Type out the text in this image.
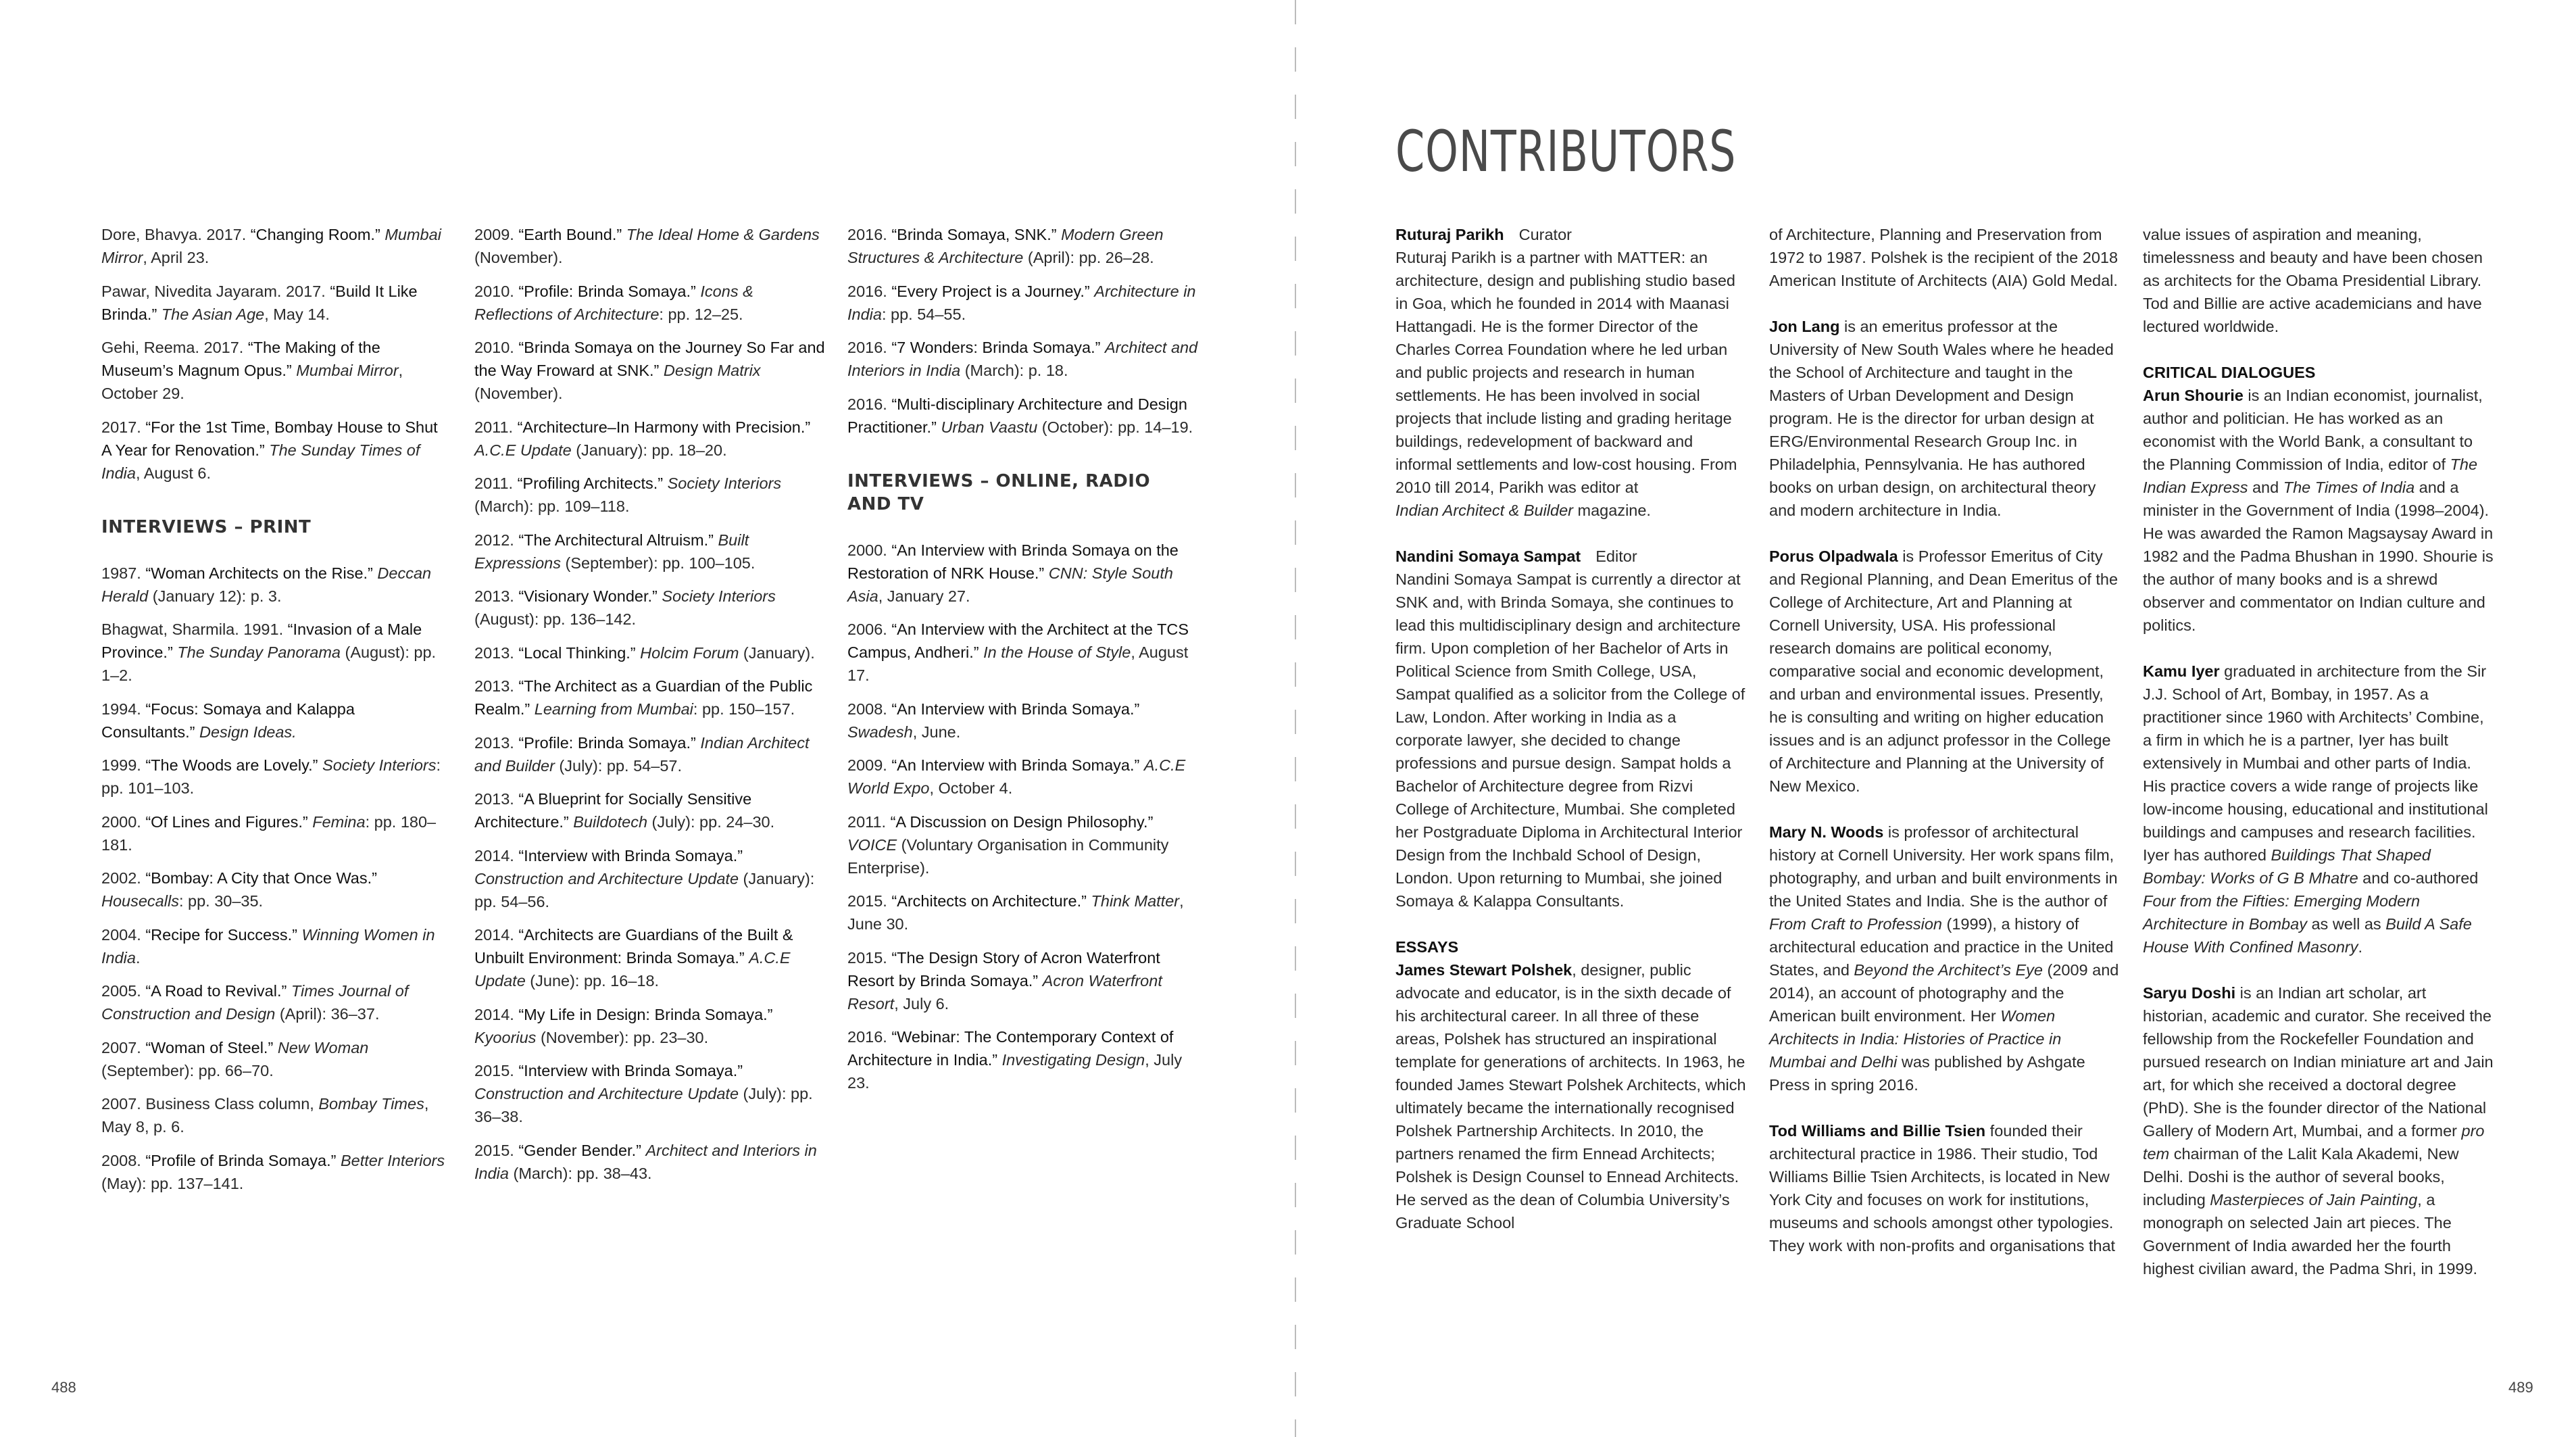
Dore, Bhavya. 2017. “Changing Room.” Mumbai Mirror, April 23.
Pawar, Nivedita Jayaram. 2017. “Build It Like Brinda.” The Asian Age, May 14.
Gehi, Reema. 2017. “The Making of the Museum’s Magnum Opus.” Mumbai Mirror, October 29.
2017. “For the 1st Time, Bombay House to Shut A Year for Renovation.” The Sunday Times of India, August 6.
INTERVIEWS – PRINT
1987. “Woman Architects on the Rise.” Deccan Herald (January 12): p. 3.
Bhagwat, Sharmila. 1991. “Invasion of a Male Province.” The Sunday Panorama (August): pp. 1–2.
1994. “Focus: Somaya and Kalappa Consultants.” Design Ideas.
1999. “The Woods are Lovely.” Society Interiors: pp. 101–103.
2000. “Of Lines and Figures.” Femina: pp. 180–181.
2002. “Bombay: A City that Once Was.” Housecalls: pp. 30–35.
2004. “Recipe for Success.” Winning Women in India.
2005. “A Road to Revival.” Times Journal of Construction and Design (April): 36–37.
2007. “Woman of Steel.” New Woman (September): pp. 66–70.
2007. Business Class column, Bombay Times, May 8, p. 6.
2008. “Profile of Brinda Somaya.” Better Interiors (May): pp. 137–141.
2009. “Earth Bound.” The Ideal Home & Gardens (November).
2010. “Profile: Brinda Somaya.” Icons & Reflections of Architecture: pp. 12–25.
2010. “Brinda Somaya on the Journey So Far and the Way Froward at SNK.” Design Matrix (November).
2011. “Architecture–In Harmony with Precision.” A.C.E Update (January): pp. 18–20.
2011. “Profiling Architects.” Society Interiors (March): pp. 109–118.
2012. “The Architectural Altruism.” Built Expressions (September): pp. 100–105.
2013. “Visionary Wonder.” Society Interiors (August): pp. 136–142.
2013. “Local Thinking.” Holcim Forum (January).
2013. “The Architect as a Guardian of the Public Realm.” Learning from Mumbai: pp. 150–157.
2013. “Profile: Brinda Somaya.” Indian Architect and Builder (July): pp. 54–57.
2013. “A Blueprint for Socially Sensitive Architecture.” Buildotech (July): pp. 24–30.
2014. “Interview with Brinda Somaya.” Construction and Architecture Update (January): pp. 54–56.
2014. “Architects are Guardians of the Built & Unbuilt Environment: Brinda Somaya.” A.C.E Update (June): pp. 16–18.
2014. “My Life in Design: Brinda Somaya.” Kyoorius (November): pp. 23–30.
2015. “Interview with Brinda Somaya.” Construction and Architecture Update (July): pp. 36–38.
2015. “Gender Bender.” Architect and Interiors in India (March): pp. 38–43.
2016. “Brinda Somaya, SNK.” Modern Green Structures & Architecture (April): pp. 26–28.
2016. “Every Project is a Journey.” Architecture in India: pp. 54–55.
2016. “7 Wonders: Brinda Somaya.” Architect and Interiors in India (March): p. 18.
2016. “Multi-disciplinary Architecture and Design Practitioner.” Urban Vaastu (October): pp. 14–19.
INTERVIEWS – ONLINE, RADIO AND TV
2000. “An Interview with Brinda Somaya on the Restoration of NRK House.” CNN: Style South Asia, January 27.
2006. “An Interview with the Architect at the TCS Campus, Andheri.” In the House of Style, August 17.
2008. “An Interview with Brinda Somaya.” Swadesh, June.
2009. “An Interview with Brinda Somaya.” A.C.E World Expo, October 4.
2011. “A Discussion on Design Philosophy.” VOICE (Voluntary Organisation in Community Enterprise).
2015. “Architects on Architecture.” Think Matter, June 30.
2015. “The Design Story of Acron Waterfront Resort by Brinda Somaya.” Acron Waterfront Resort, July 6.
2016. “Webinar: The Contemporary Context of Architecture in India.” Investigating Design, July 23.
488
CONTRIBUTORS
Ruturaj Parikh Curator
Ruturaj Parikh is a partner with MATTER: an architecture, design and publishing studio based in Goa, which he founded in 2014 with Maanasi Hattangadi. He is the former Director of the Charles Correa Foundation where he led urban and public projects and research in human settlements. He has been involved in social projects that include listing and grading heritage buildings, redevelopment of backward and informal settlements and low-cost housing. From 2010 till 2014, Parikh was editor at
Indian Architect & Builder magazine.
Nandini Somaya Sampat Editor
Nandini Somaya Sampat is currently a director at SNK and, with Brinda Somaya, she continues to lead this multidisciplinary design and architecture firm. Upon completion of her Bachelor of Arts in Political Science from Smith College, USA, Sampat qualified as a solicitor from the College of Law, London. After working in India as a corporate lawyer, she decided to change professions and pursue design. Sampat holds a Bachelor of Architecture degree from Rizvi College of Architecture, Mumbai. She completed her Postgraduate Diploma in Architectural Interior Design from the Inchbald School of Design, London. Upon returning to Mumbai, she joined Somaya & Kalappa Consultants.
ESSAYS
James Stewart Polshek, designer, public advocate and educator, is in the sixth decade of his architectural career. In all three of these areas, Polshek has structured an inspirational template for generations of architects. In 1963, he founded James Stewart Polshek Architects, which ultimately became the internationally recognised Polshek Partnership Architects. In 2010, the partners renamed the firm Ennead Architects; Polshek is Design Counsel to Ennead Architects. He served as the dean of Columbia University’s Graduate School
of Architecture, Planning and Preservation from 1972 to 1987. Polshek is the recipient of the 2018 American Institute of Architects (AIA) Gold Medal.
Jon Lang is an emeritus professor at the University of New South Wales where he headed the School of Architecture and taught in the Masters of Urban Development and Design program. He is the director for urban design at ERG/Environmental Research Group Inc. in Philadelphia, Pennsylvania. He has authored books on urban design, on architectural theory and modern architecture in India.
Porus Olpadwala is Professor Emeritus of City and Regional Planning, and Dean Emeritus of the College of Architecture, Art and Planning at Cornell University, USA. His professional research domains are political economy, comparative social and economic development, and urban and environmental issues. Presently, he is consulting and writing on higher education issues and is an adjunct professor in the College of Architecture and Planning at the University of New Mexico.
Mary N. Woods is professor of architectural history at Cornell University. Her work spans film, photography, and urban and built environments in the United States and India. She is the author of From Craft to Profession (1999), a history of architectural education and practice in the United States, and Beyond the Architect’s Eye (2009 and 2014), an account of photography and the American built environment. Her Women Architects in India: Histories of Practice in Mumbai and Delhi was published by Ashgate Press in spring 2016.
Tod Williams and Billie Tsien founded their architectural practice in 1986. Their studio, Tod Williams Billie Tsien Architects, is located in New York City and focuses on work for institutions, museums and schools amongst other typologies. They work with non-profits and organisations that
value issues of aspiration and meaning, timelessness and beauty and have been chosen as architects for the Obama Presidential Library. Tod and Billie are active academicians and have lectured worldwide.
CRITICAL DIALOGUES
Arun Shourie is an Indian economist, journalist, author and politician. He has worked as an economist with the World Bank, a consultant to the Planning Commission of India, editor of The Indian Express and The Times of India and a minister in the Government of India (1998–2004). He was awarded the Ramon Magsaysay Award in 1982 and the Padma Bhushan in 1990. Shourie is the author of many books and is a shrewd observer and commentator on Indian culture and politics.
Kamu Iyer graduated in architecture from the Sir J.J. School of Art, Bombay, in 1957. As a practitioner since 1960 with Architects’ Combine, a firm in which he is a partner, Iyer has built extensively in Mumbai and other parts of India. His practice covers a wide range of projects like low-income housing, educational and institutional buildings and campuses and research facilities. Iyer has authored Buildings That Shaped Bombay: Works of G B Mhatre and co-authored Four from the Fifties: Emerging Modern Architecture in Bombay as well as Build A Safe House With Confined Masonry.
Saryu Doshi is an Indian art scholar, art historian, academic and curator. She received the fellowship from the Rockefeller Foundation and pursued research on Indian miniature art and Jain art, for which she received a doctoral degree (PhD). She is the founder director of the National Gallery of Modern Art, Mumbai, and a former pro tem chairman of the Lalit Kala Akademi, New Delhi. Doshi is the author of several books, including Masterpieces of Jain Painting, a monograph on selected Jain art pieces. The Government of India awarded her the fourth highest civilian award, the Padma Shri, in 1999.
489
